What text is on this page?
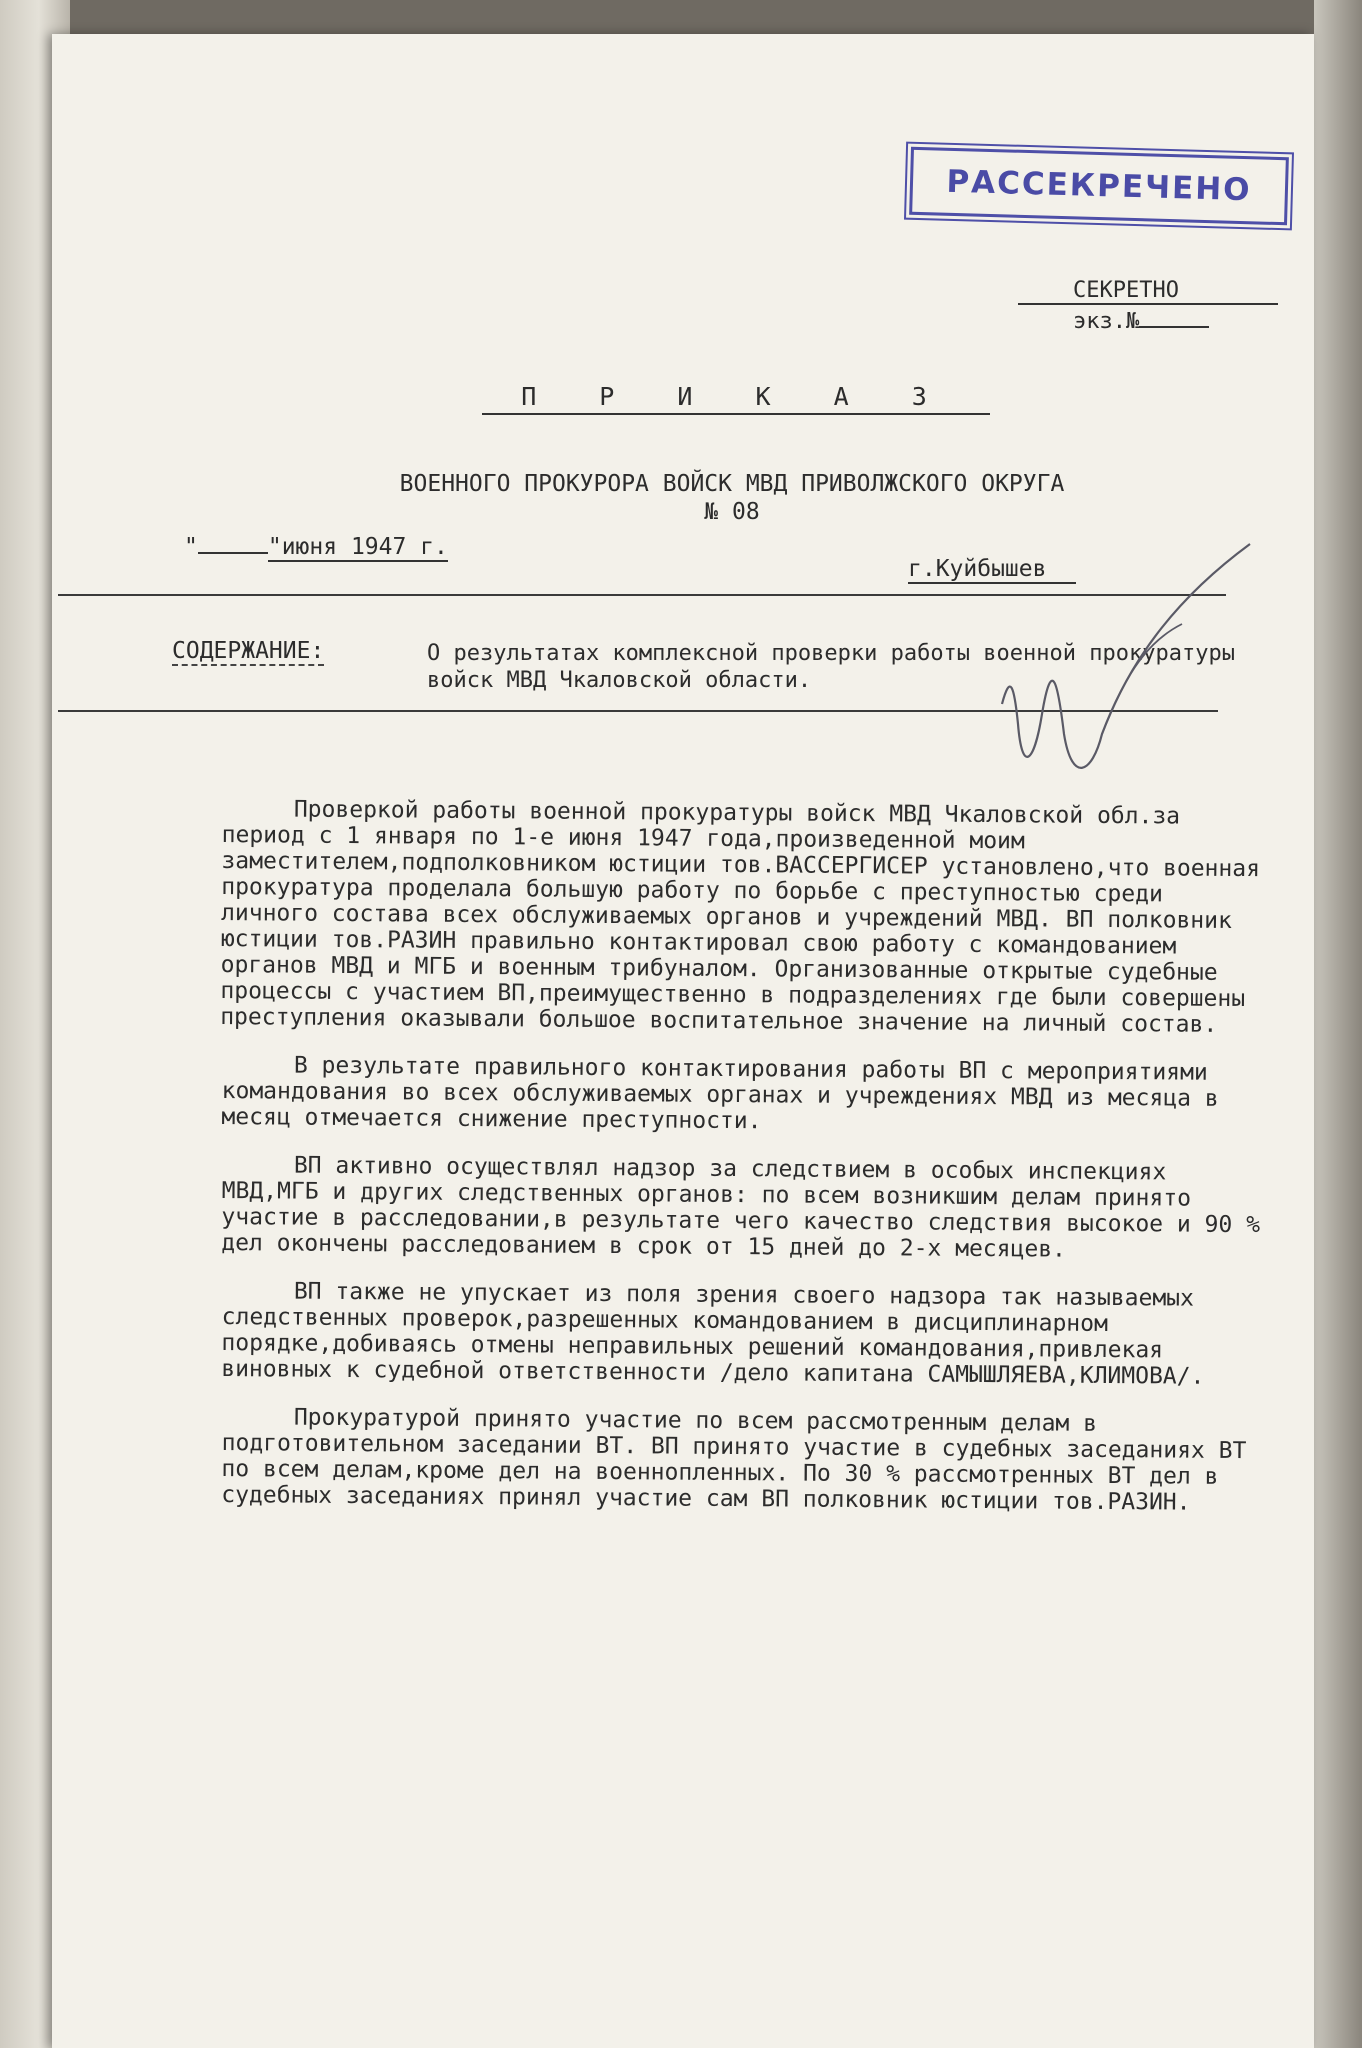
РАССЕКРЕЧЕНО
СЕКРЕТНО
экз.№
П Р И К А З
ВОЕННОГО ПРОКУРОРА ВОЙСК МВД ПРИВОЛЖСКОГО ОКРУГА
№ 08
"	"июня 1947 г.
г.Куйбышев
СОДЕРЖАНИЕ:	О результатах комплексной проверки работы военной прокуратуры войск МВД Чкаловской области.

Проверкой работы военной прокуратуры войск МВД Чкаловской обл.за период с 1 января по 1-е июня 1947 года,произведенной моим заместителем,подполковником юстиции тов.ВАССЕРГИСЕР установлено,что военная прокуратура проделала большую работу по борьбе с преступностью среди личного состава всех обслуживаемых органов и учреждений МВД. ВП полковник юстиции тов.РАЗИН правильно контактировал свою работу с командованием органов МВД и МГБ и военным трибуналом. Организованные открытые судебные процессы с участием ВП,преимущественно в подразделениях где были совершены преступления оказывали большое воспитательное значение на личный состав.

В результате правильного контактирования работы ВП с мероприятиями командования во всех обслуживаемых органах и учреждениях МВД из месяца в месяц отмечается снижение преступности.

ВП активно осуществлял надзор за следствием в особых инспекциях МВД,МГБ и других следственных органов: по всем возникшим делам принято участие в расследовании,в результате чего качество следствия высокое и 90 % дел окончены расследованием в срок от 15 дней до 2-х месяцев.

ВП также не упускает из поля зрения своего надзора так называемых следственных проверок,разрешенных командованием в дисциплинарном порядке,добиваясь отмены неправильных решений командования,привлекая виновных к судебной ответственности /дело капитана САМЫШЛЯЕВА,КЛИМОВА/.

Прокуратурой принято участие по всем рассмотренным делам в подготовительном заседании ВТ. ВП принято участие в судебных заседаниях ВТ по всем делам,кроме дел на военнопленных. По 30 % рассмотренных ВТ дел в судебных заседаниях принял участие сам ВП полковник юстиции тов.РАЗИН.
